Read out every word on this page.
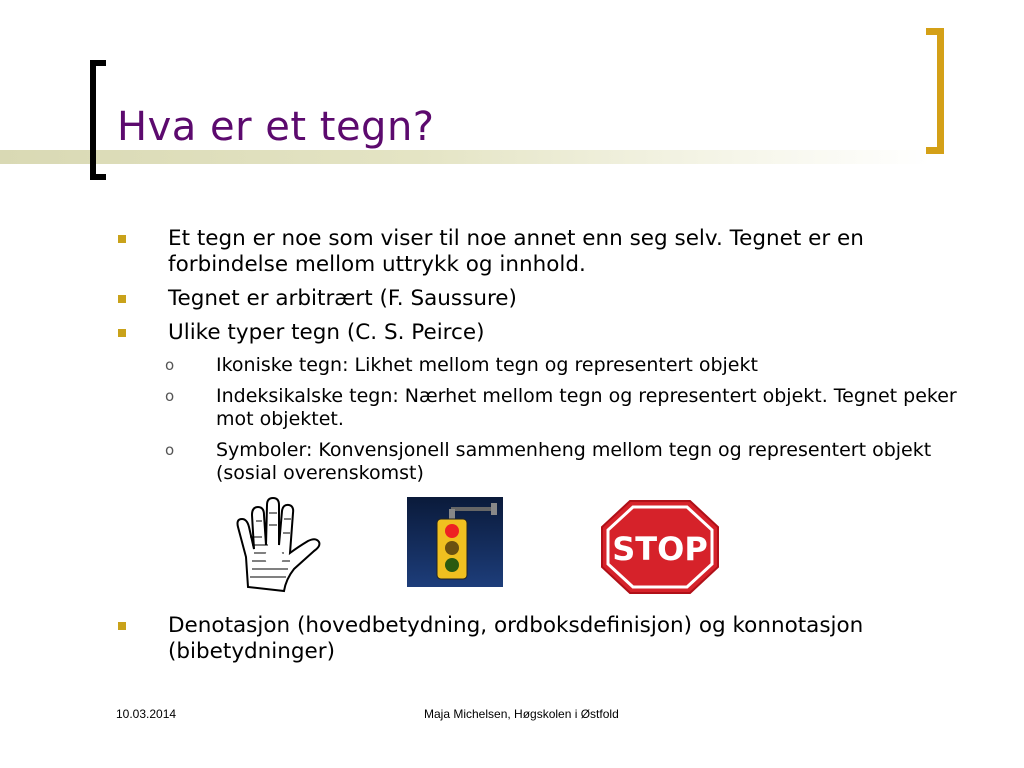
Hva er et tegn?
Et tegn er noe som viser til noe annet enn seg selv. Tegnet er en forbindelse mellom uttrykk og innhold.
Tegnet er arbitrært (F. Saussure)
Ulike typer tegn (C. S. Peirce)
o Ikoniske tegn: Likhet mellom tegn og representert objekt
o Indeksikalske tegn: Nærhet mellom tegn og representert objekt. Tegnet peker mot objektet.
o Symboler: Konvensjonell sammenheng mellom tegn og representert objekt (sosial overenskomst)
STOP
Denotasjon (hovedbetydning, ordboksdefinisjon) og konnotasjon (bibetydninger)
10.03.2014	Maja Michelsen, Høgskolen i Østfold
